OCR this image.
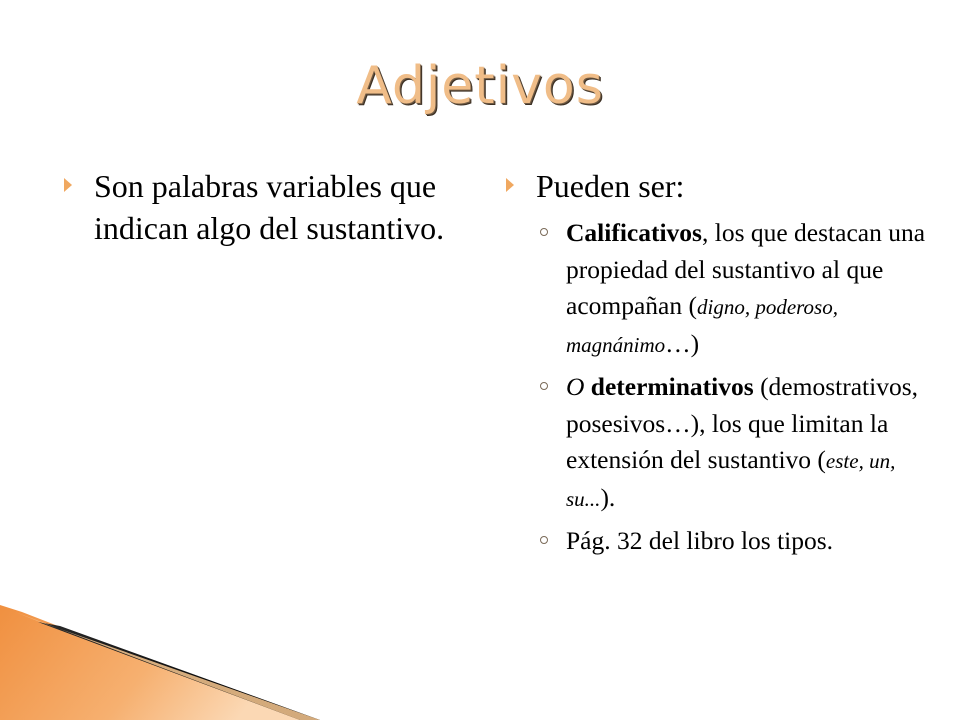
Adjetivos
Son palabras variables que indican algo del sustantivo.
Pueden ser:
Calificativos, los que destacan una propiedad del sustantivo al que acompañan (digno, poderoso, magnánimo…)
O determinativos (demostrativos, posesivos…), los que limitan la extensión del sustantivo (este, un, su...).
Pág. 32 del libro los tipos.
